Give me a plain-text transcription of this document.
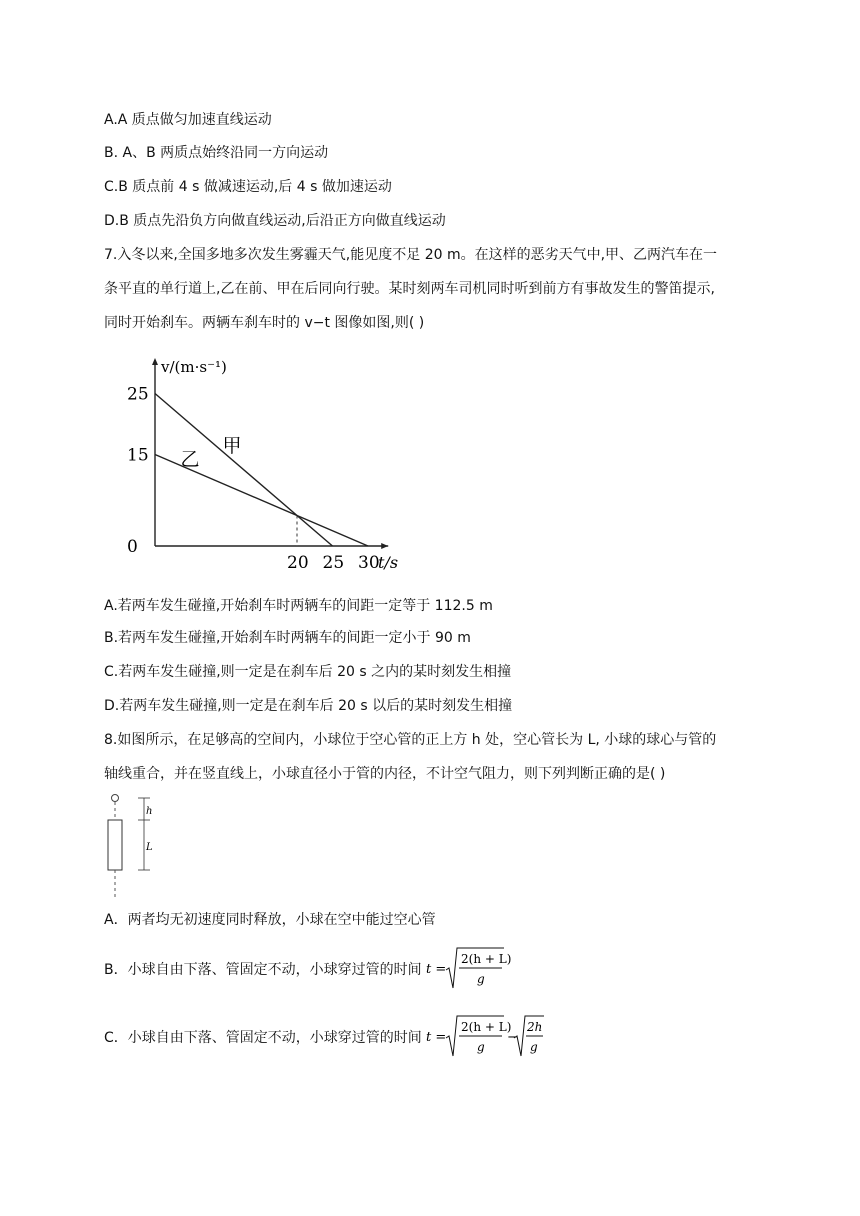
A.A 质点做匀加速直线运动
B. A、B 两质点始终沿同一方向运动
C.B 质点前 4 s 做减速运动,后 4 s 做加速运动
D.B 质点先沿负方向做直线运动,后沿正方向做直线运动
7.入冬以来,全国多地多次发生雾霾天气,能见度不足 20 m。在这样的恶劣天气中,甲、乙两汽车在一
条平直的单行道上,乙在前、甲在后同向行驶。某时刻两车司机同时听到前方有事故发生的警笛提示,
同时开始刹车。两辆车刹车时的 v−t 图像如图,则( )
v/(m·s⁻¹)
t/s
25
15
0
20 25 30
甲
乙
A.若两车发生碰撞,开始刹车时两辆车的间距一定等于 112.5 m
B.若两车发生碰撞,开始刹车时两辆车的间距一定小于 90 m
C.若两车发生碰撞,则一定是在刹车后 20 s 之内的某时刻发生相撞
D.若两车发生碰撞,则一定是在刹车后 20 s 以后的某时刻发生相撞
8.如图所示，在足够高的空间内，小球位于空心管的正上方 h 处，空心管长为 L, 小球的球心与管的
轴线重合，并在竖直线上，小球直径小于管的内径，不计空气阻力，则下列判断正确的是( )
h
L
A．两者均无初速度同时释放，小球在空中能过空心管
B．小球自由下落、管固定不动，小球穿过管的时间 t =
2(h + L)
g
C．小球自由下落、管固定不动，小球穿过管的时间 t =
2(h + L)
g
−
2h
g
